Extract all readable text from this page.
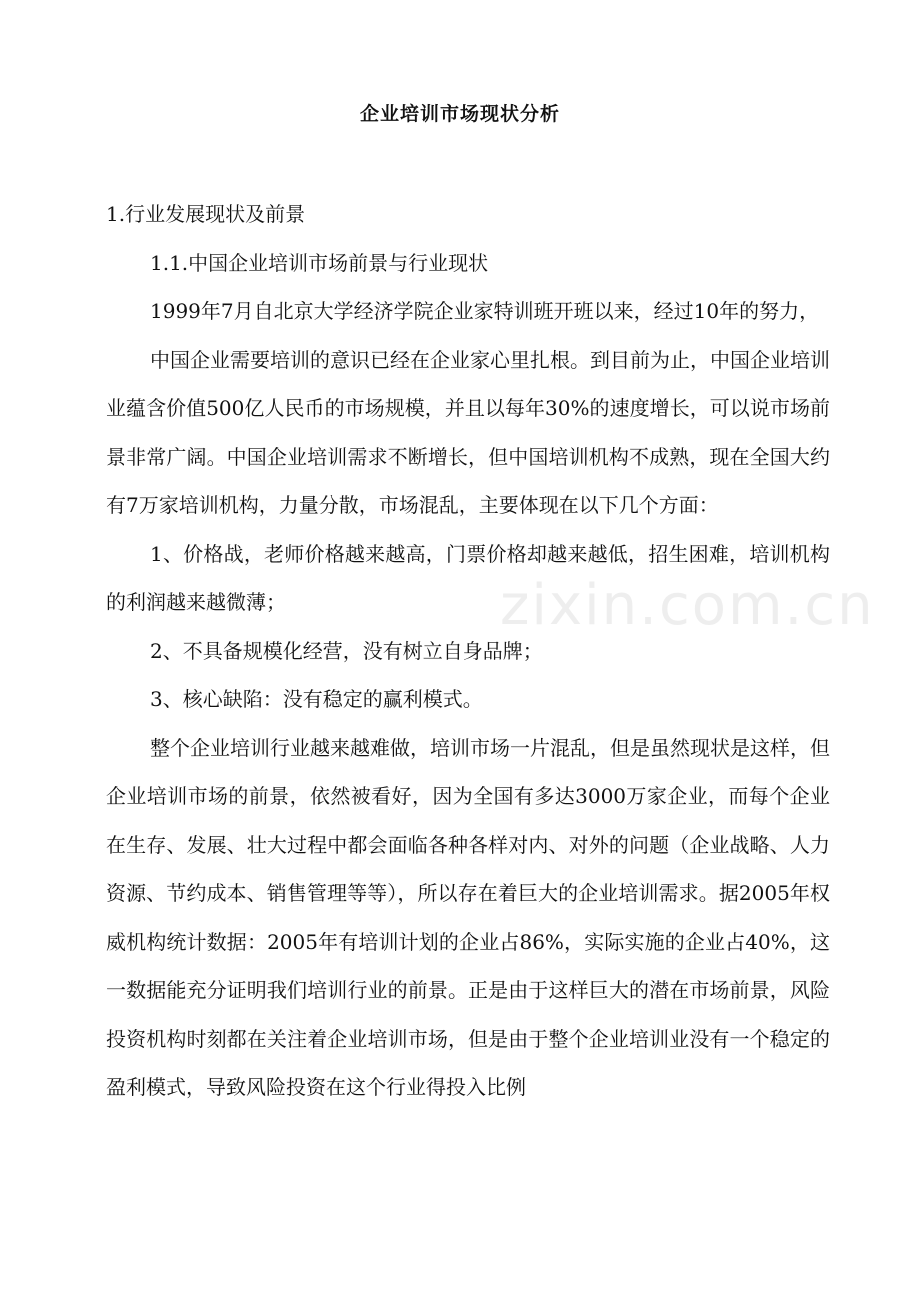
企业培训市场现状分析

1.行业发展现状及前景

1.1.中国企业培训市场前景与行业现状

1999年7月自北京大学经济学院企业家特训班开班以来，经过10年的努力，

中国企业需要培训的意识已经在企业家心里扎根。到目前为止，中国企业培训业蕴含价值500亿人民币的市场规模，并且以每年30%的速度增长，可以说市场前景非常广阔。中国企业培训需求不断增长，但中国培训机构不成熟，现在全国大约有7万家培训机构，力量分散，市场混乱，主要体现在以下几个方面：

1、价格战，老师价格越来越高，门票价格却越来越低，招生困难，培训机构的利润越来越微薄；

2、不具备规模化经营，没有树立自身品牌；

3、核心缺陷：没有稳定的赢利模式。

整个企业培训行业越来越难做，培训市场一片混乱，但是虽然现状是这样，但企业培训市场的前景，依然被看好，因为全国有多达3000万家企业，而每个企业在生存、发展、壮大过程中都会面临各种各样对内、对外的问题（企业战略、人力资源、节约成本、销售管理等等），所以存在着巨大的企业培训需求。据2005年权威机构统计数据：2005年有培训计划的企业占86%，实际实施的企业占40%，这一数据能充分证明我们培训行业的前景。正是由于这样巨大的潜在市场前景，风险投资机构时刻都在关注着企业培训市场，但是由于整个企业培训业没有一个稳定的盈利模式，导致风险投资在这个行业得投入比例

zixin.com.cn
